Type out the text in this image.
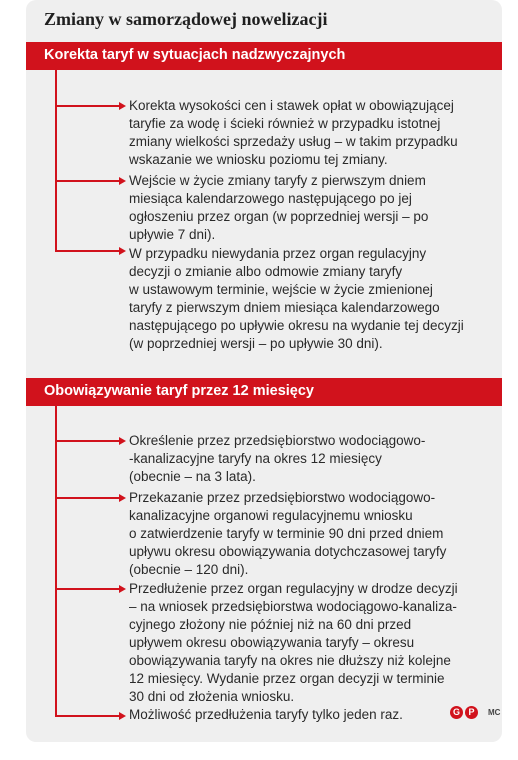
Zmiany w samorządowej nowelizacji
Korekta taryf w sytuacjach nadzwyczajnych
Korekta wysokości cen i stawek opłat w obowiązującej
taryfie za wodę i ścieki również w przypadku istotnej
zmiany wielkości sprzedaży usług – w takim przypadku
wskazanie we wniosku poziomu tej zmiany.
Wejście w życie zmiany taryfy z pierwszym dniem
miesiąca kalendarzowego następującego po jej
ogłoszeniu przez organ (w poprzedniej wersji – po
upływie 7 dni).
W przypadku niewydania przez organ regulacyjny
decyzji o zmianie albo odmowie zmiany taryfy
w ustawowym terminie, wejście w życie zmienionej
taryfy z pierwszym dniem miesiąca kalendarzowego
następującego po upływie okresu na wydanie tej decyzji
(w poprzedniej wersji – po upływie 30 dni).
Obowiązywanie taryf przez 12 miesięcy
Określenie przez przedsiębiorstwo wodociągowo-
-kanalizacyjne taryfy na okres 12 miesięcy
(obecnie – na 3 lata).
Przekazanie przez przedsiębiorstwo wodociągowo-
kanalizacyjne organowi regulacyjnemu wniosku
o zatwierdzenie taryfy w terminie 90 dni przed dniem
upływu okresu obowiązywania dotychczasowej taryfy
(obecnie – 120 dni).
Przedłużenie przez organ regulacyjny w drodze decyzji
– na wniosek przedsiębiorstwa wodociągowo-kanaliza-
cyjnego złożony nie później niż na 60 dni przed
upływem okresu obowiązywania taryfy – okresu
obowiązywania taryfy na okres nie dłuższy niż kolejne
12 miesięcy. Wydanie przez organ decyzji w terminie
30 dni od złożenia wniosku.
Możliwość przedłużenia taryfy tylko jeden raz.	G P	MC
